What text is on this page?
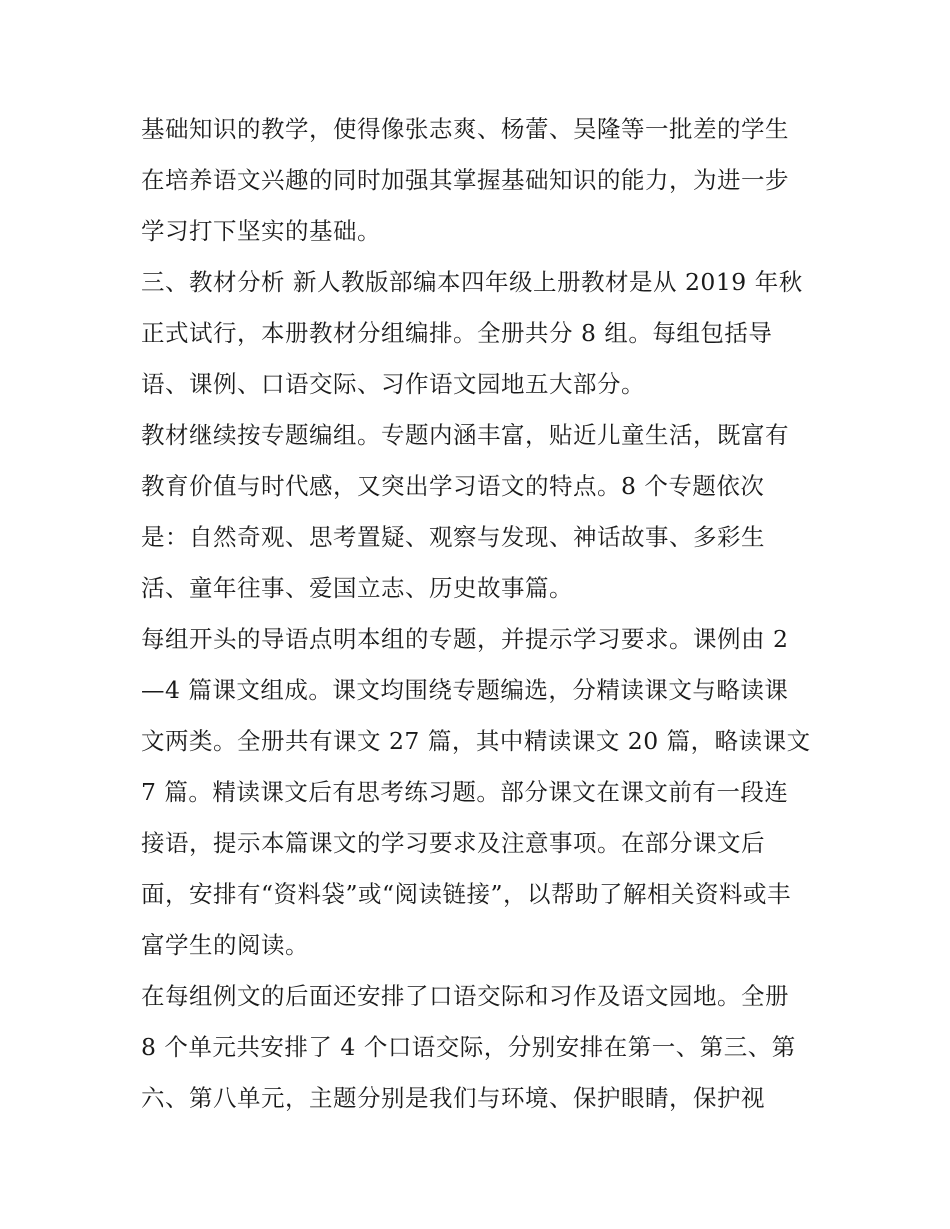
基础知识的教学，使得像张志爽、杨蕾、吴隆等一批差的学生
在培养语文兴趣的同时加强其掌握基础知识的能力，为进一步
学习打下坚实的基础。
三、教材分析 新人教版部编本四年级上册教材是从 2019 年秋
正式试行，本册教材分组编排。全册共分 8 组。每组包括导
语、课例、口语交际、习作语文园地五大部分。
教材继续按专题编组。专题内涵丰富，贴近儿童生活，既富有
教育价值与时代感，又突出学习语文的特点。8 个专题依次
是：自然奇观、思考置疑、观察与发现、神话故事、多彩生
活、童年往事、爱国立志、历史故事篇。
每组开头的导语点明本组的专题，并提示学习要求。课例由 2
—4 篇课文组成。课文均围绕专题编选，分精读课文与略读课
文两类。全册共有课文 27 篇，其中精读课文 20 篇，略读课文
7 篇。精读课文后有思考练习题。部分课文在课文前有一段连
接语，提示本篇课文的学习要求及注意事项。在部分课文后
面，安排有“资料袋”或“阅读链接”，以帮助了解相关资料或丰
富学生的阅读。
在每组例文的后面还安排了口语交际和习作及语文园地。全册
8 个单元共安排了 4 个口语交际，分别安排在第一、第三、第
六、第八单元，主题分别是我们与环境、保护眼睛，保护视
